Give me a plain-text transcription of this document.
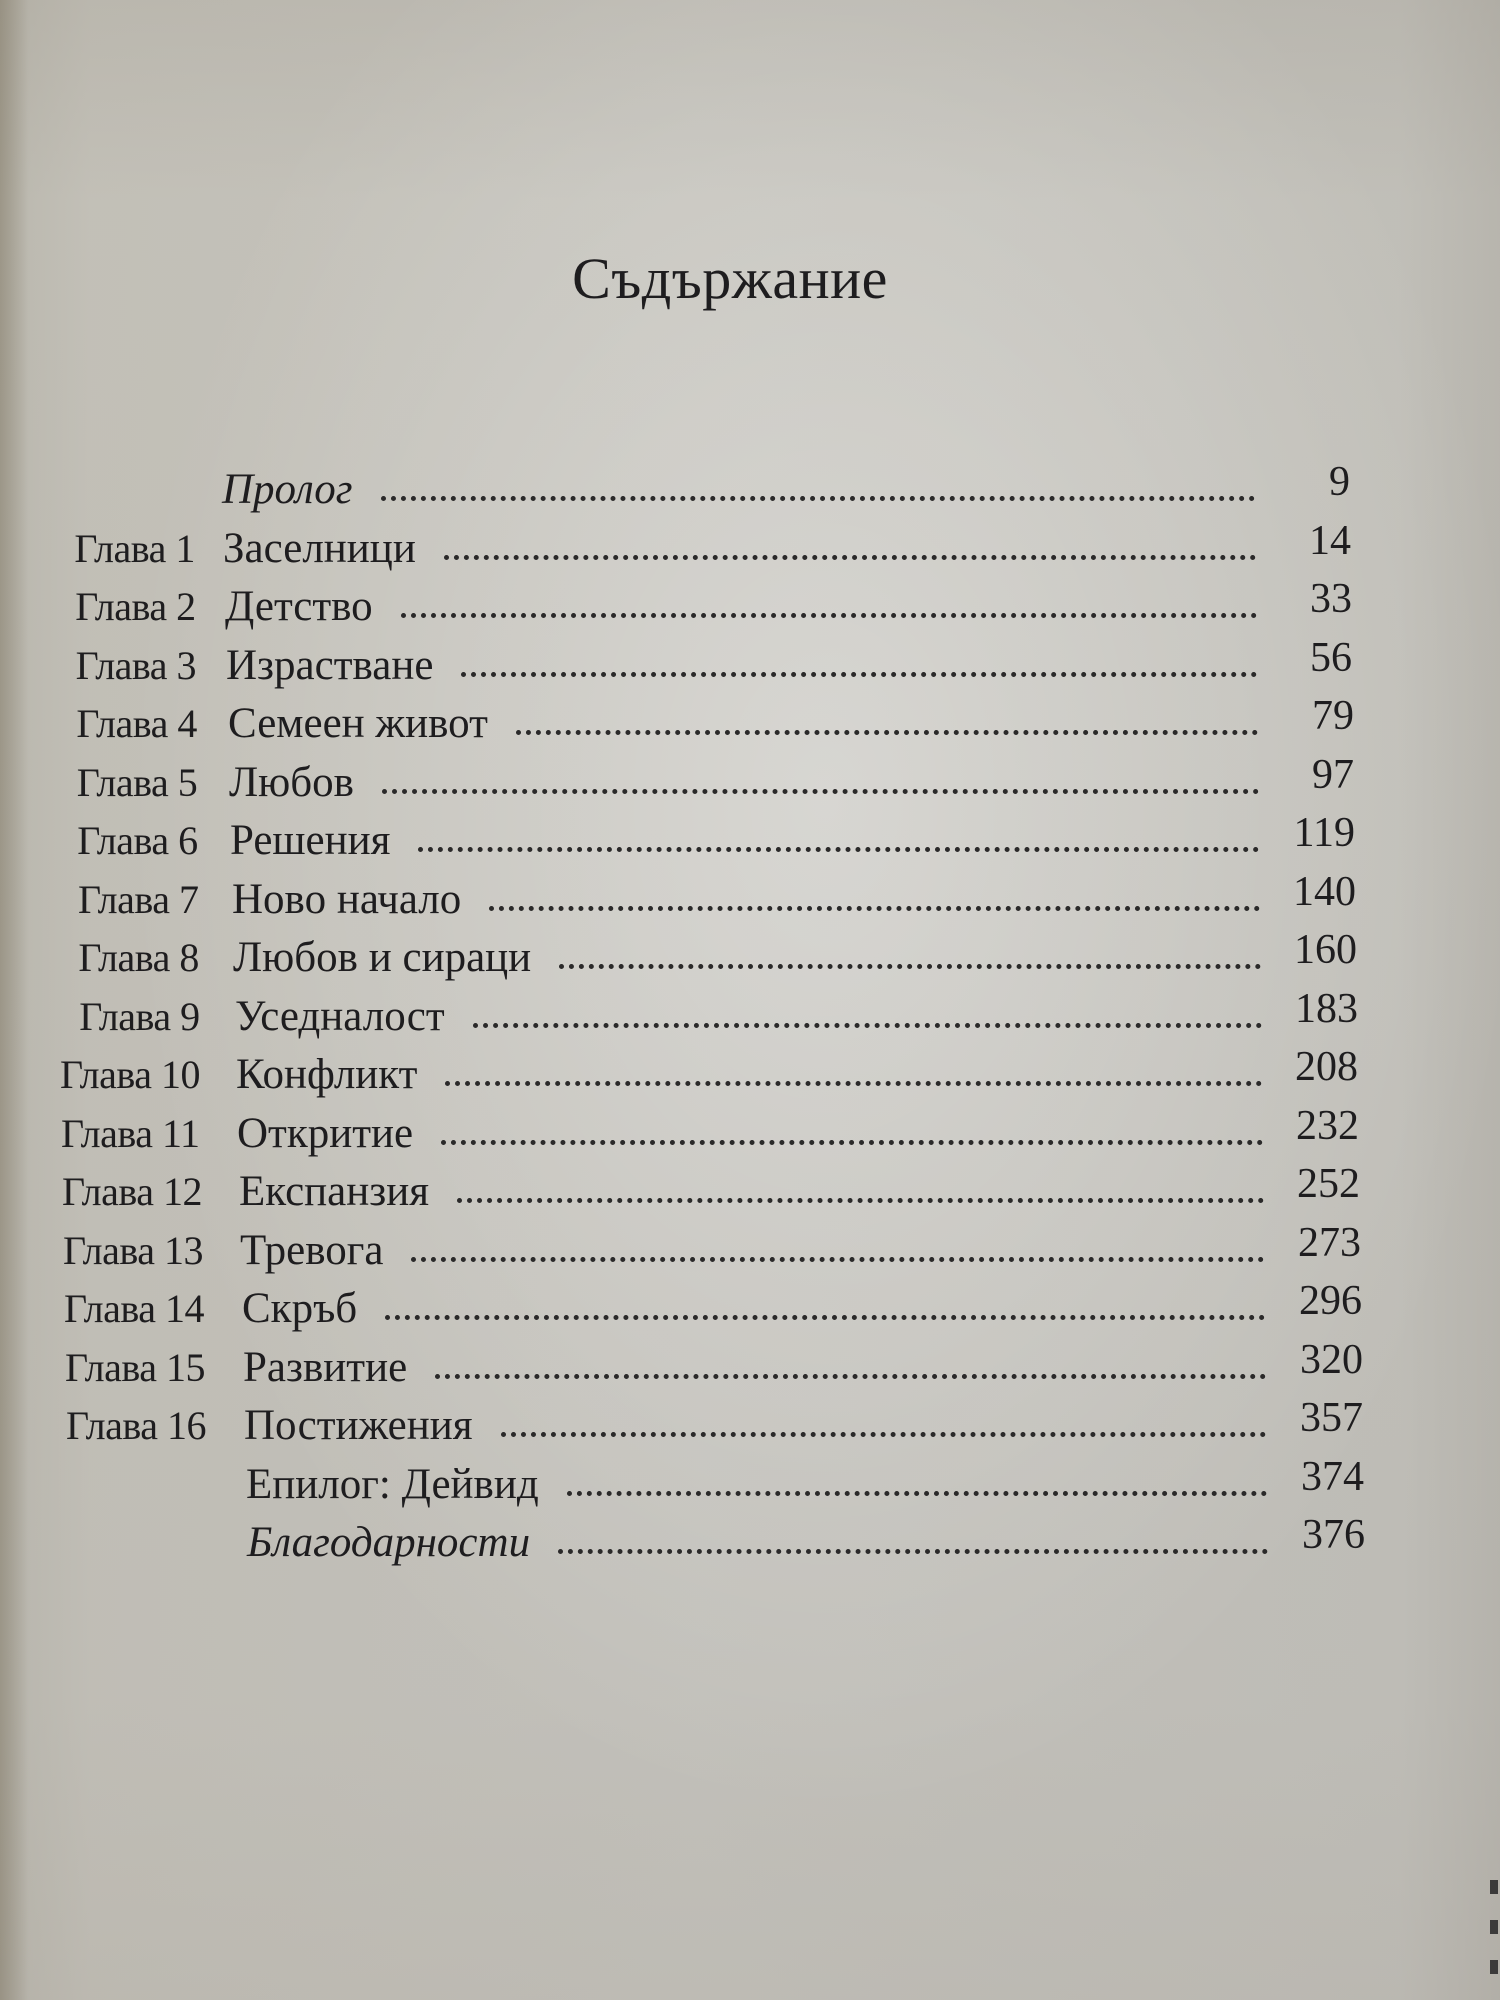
Съдържание
Пролог	9
Глава 1 Заселници	14
Глава 2 Детство	33
Глава 3 Израстване	56
Глава 4 Семеен живот	79
Глава 5 Любов	97
Глава 6 Решения	119
Глава 7 Ново начало	140
Глава 8 Любов и сираци	160
Глава 9 Уседналост	183
Глава 10 Конфликт	208
Глава 11 Откритие	232
Глава 12 Експанзия	252
Глава 13 Тревога	273
Глава 14 Скръб	296
Глава 15 Развитие	320
Глава 16 Постижения	357
Епилог: Дейвид	374
Благодарности	376
